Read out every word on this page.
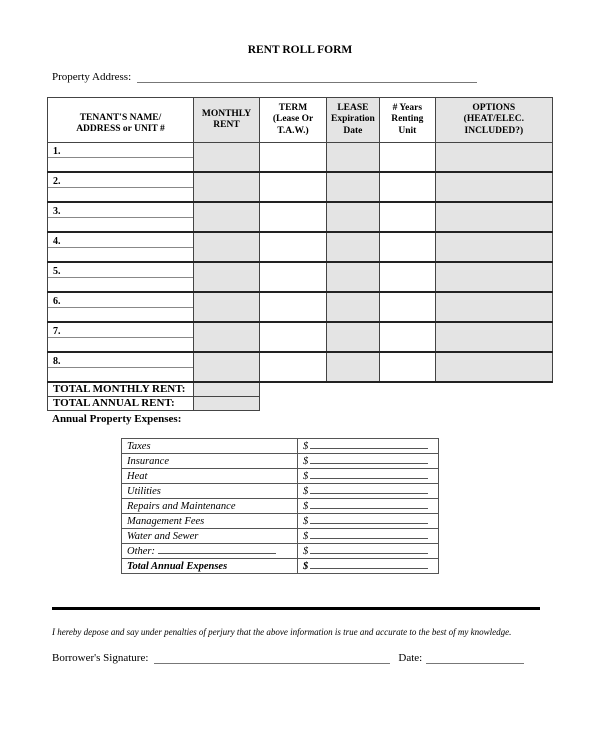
RENT ROLL FORM
Property Address:
TENANT'S NAME/ ADDRESS or UNIT #	MONTHLY RENT	TERM (Lease Or T.A.W.)	LEASE Expiration Date	# Years Renting Unit	OPTIONS (HEAT/ELEC. INCLUDED?)

1.					

2.					

3.					

4.					

5.					

6.					

7.					

8.					

TOTAL MONTHLY RENT:					
TOTAL ANNUAL RENT:					
Annual Property Expenses:
Taxes	$
Insurance	$
Heat	$
Utilities	$
Repairs and Maintenance	$
Management Fees	$
Water and Sewer	$
Other:	$
Total Annual Expenses	$
I hereby depose and say under penalties of perjury that the above information is true and accurate to the best of my knowledge.
Borrower's Signature:	Date:
